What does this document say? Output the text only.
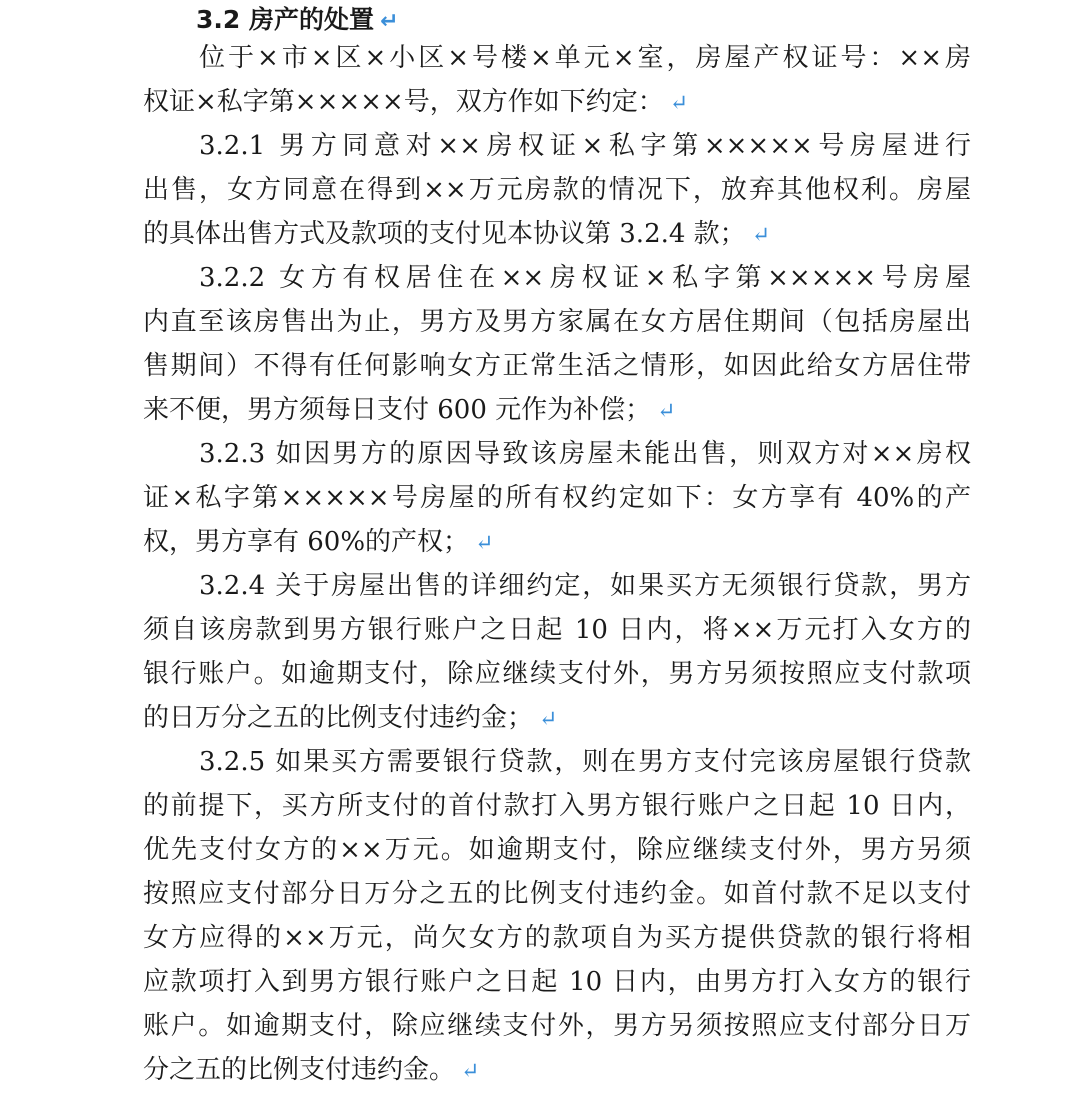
3.2 房产的处置 ↵
位于×市×区×小区×号楼×单元×室，房屋产权证号：××房
权证×私字第×××××号，双方作如下约定： ↵
3.2.1 男方同意对××房权证×私字第×××××号房屋进行
出售，女方同意在得到××万元房款的情况下，放弃其他权利。房屋
的具体出售方式及款项的支付见本协议第 3.2.4 款； ↵
3.2.2 女方有权居住在××房权证×私字第×××××号房屋
内直至该房售出为止，男方及男方家属在女方居住期间（包括房屋出
售期间）不得有任何影响女方正常生活之情形，如因此给女方居住带
来不便，男方须每日支付 600 元作为补偿； ↵
3.2.3 如因男方的原因导致该房屋未能出售，则双方对××房权
证×私字第×××××号房屋的所有权约定如下：女方享有 40%的产
权，男方享有 60%的产权； ↵
3.2.4 关于房屋出售的详细约定，如果买方无须银行贷款，男方
须自该房款到男方银行账户之日起 10 日内，将××万元打入女方的
银行账户。如逾期支付，除应继续支付外，男方另须按照应支付款项
的日万分之五的比例支付违约金； ↵
3.2.5 如果买方需要银行贷款，则在男方支付完该房屋银行贷款
的前提下，买方所支付的首付款打入男方银行账户之日起 10 日内，
优先支付女方的××万元。如逾期支付，除应继续支付外，男方另须
按照应支付部分日万分之五的比例支付违约金。如首付款不足以支付
女方应得的××万元，尚欠女方的款项自为买方提供贷款的银行将相
应款项打入到男方银行账户之日起 10 日内，由男方打入女方的银行
账户。如逾期支付，除应继续支付外，男方另须按照应支付部分日万
分之五的比例支付违约金。 ↵
